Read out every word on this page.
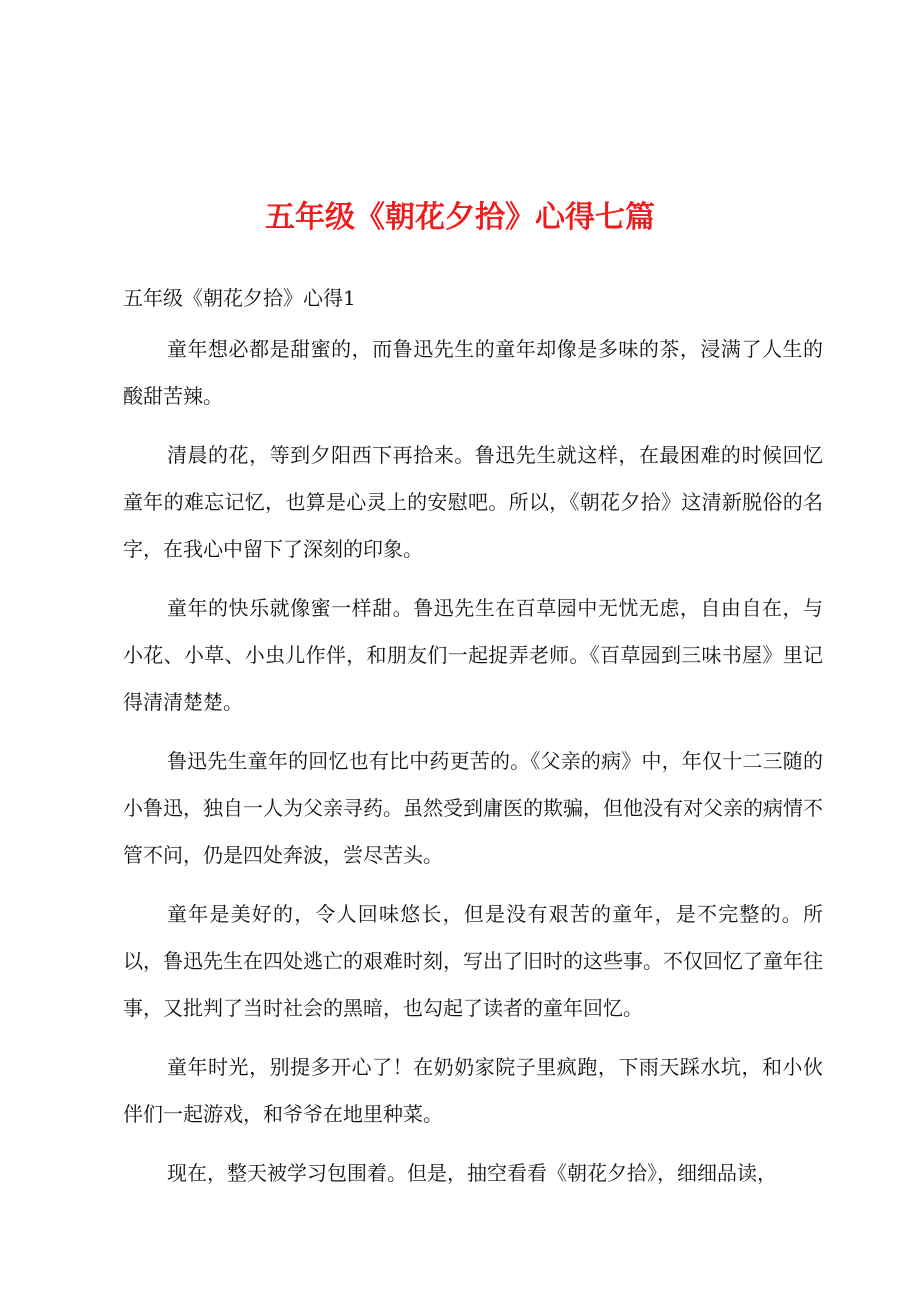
五年级《朝花夕拾》心得七篇
五年级《朝花夕拾》心得1

童年想必都是甜蜜的，而鲁迅先生的童年却像是多味的茶，浸满了人生的酸甜苦辣。

清晨的花，等到夕阳西下再拾来。鲁迅先生就这样，在最困难的时候回忆童年的难忘记忆，也算是心灵上的安慰吧。所以，《朝花夕拾》这清新脱俗的名字，在我心中留下了深刻的印象。

童年的快乐就像蜜一样甜。鲁迅先生在百草园中无忧无虑，自由自在，与小花、小草、小虫儿作伴，和朋友们一起捉弄老师。《百草园到三味书屋》里记得清清楚楚。

鲁迅先生童年的回忆也有比中药更苦的。《父亲的病》中，年仅十二三随的小鲁迅，独自一人为父亲寻药。虽然受到庸医的欺骗，但他没有对父亲的病情不管不问，仍是四处奔波，尝尽苦头。

童年是美好的，令人回味悠长，但是没有艰苦的童年，是不完整的。所以，鲁迅先生在四处逃亡的艰难时刻，写出了旧时的这些事。不仅回忆了童年往事，又批判了当时社会的黑暗，也勾起了读者的童年回忆。

童年时光，别提多开心了！在奶奶家院子里疯跑，下雨天踩水坑，和小伙伴们一起游戏，和爷爷在地里种菜。

现在，整天被学习包围着。但是，抽空看看《朝花夕拾》，细细品读，
